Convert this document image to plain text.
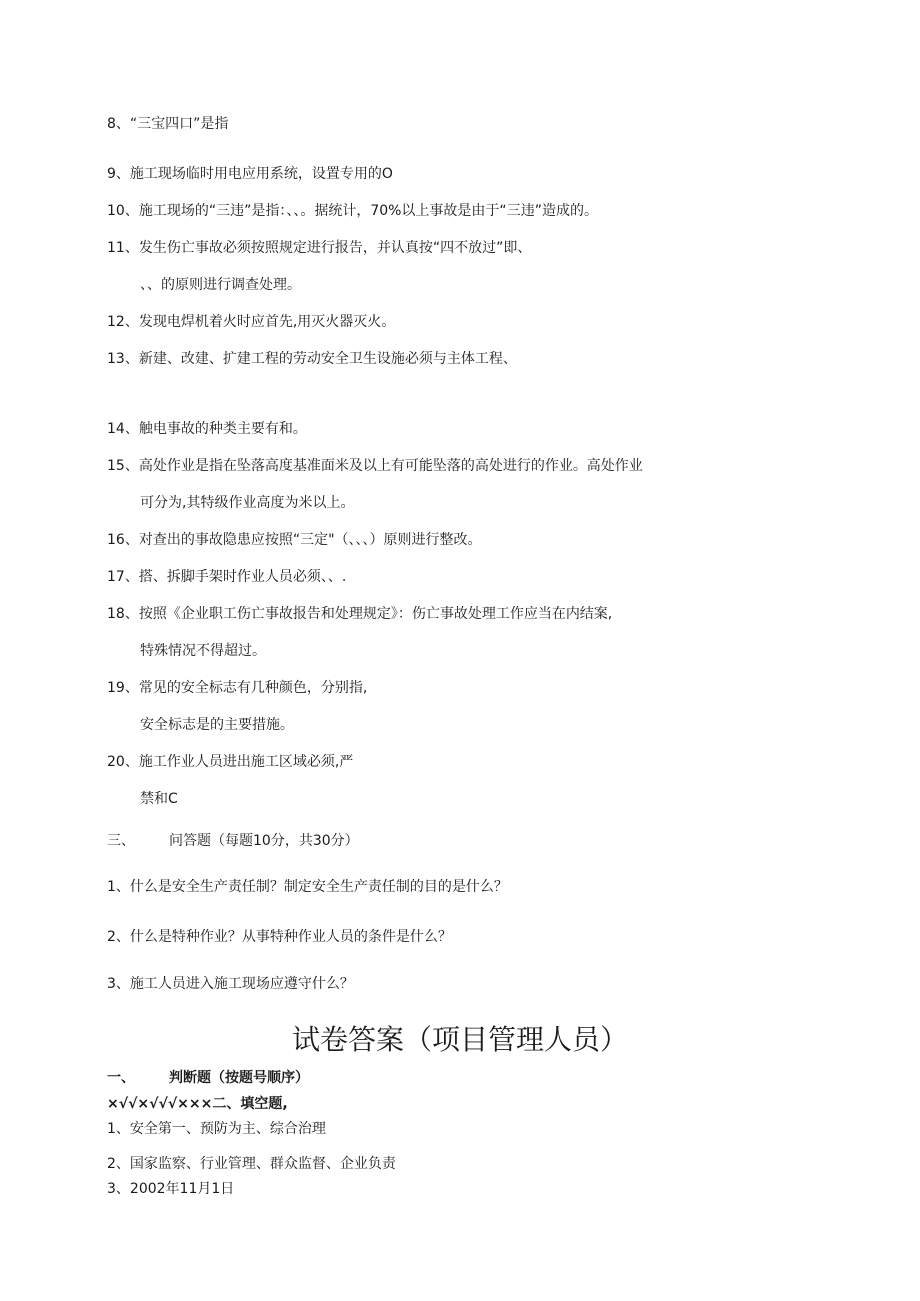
8、“三宝四口”是指
9、施工现场临时用电应用系统，设置专用的O
10、施工现场的“三违”是指：、、。据统计，70%以上事故是由于“三违”造成的。
11、发生伤亡事故必须按照规定进行报告，并认真按“四不放过”即、
、、的原则进行调查处理。
12、发现电焊机着火时应首先,用灭火器灭火。
13、新建、改建、扩建工程的劳动安全卫生设施必须与主体工程、
14、触电事故的种类主要有和。
15、高处作业是指在坠落高度基准面米及以上有可能坠落的高处进行的作业。高处作业
可分为,其特级作业高度为米以上。
16、对查出的事故隐患应按照“三定"（、、、）原则进行整改。
17、搭、拆脚手架时作业人员必须、、.
18、按照《企业职工伤亡事故报告和处理规定》：伤亡事故处理工作应当在内结案,
特殊情况不得超过。
19、常见的安全标志有几种颜色，分别指,
安全标志是的主要措施。
20、施工作业人员进出施工区域必须,严
禁和C
三、 问答题（每题10分，共30分）
1、什么是安全生产责任制？制定安全生产责任制的目的是什么？
2、什么是特种作业？从事特种作业人员的条件是什么？
3、施工人员进入施工现场应遵守什么？
试卷答案（项目管理人员）
一、 判断题（按题号顺序）
×√√×√√√×××二、填空题,
1、安全第一、预防为主、综合治理
2、国家监察、行业管理、群众监督、企业负责
3、2002年11月1日
